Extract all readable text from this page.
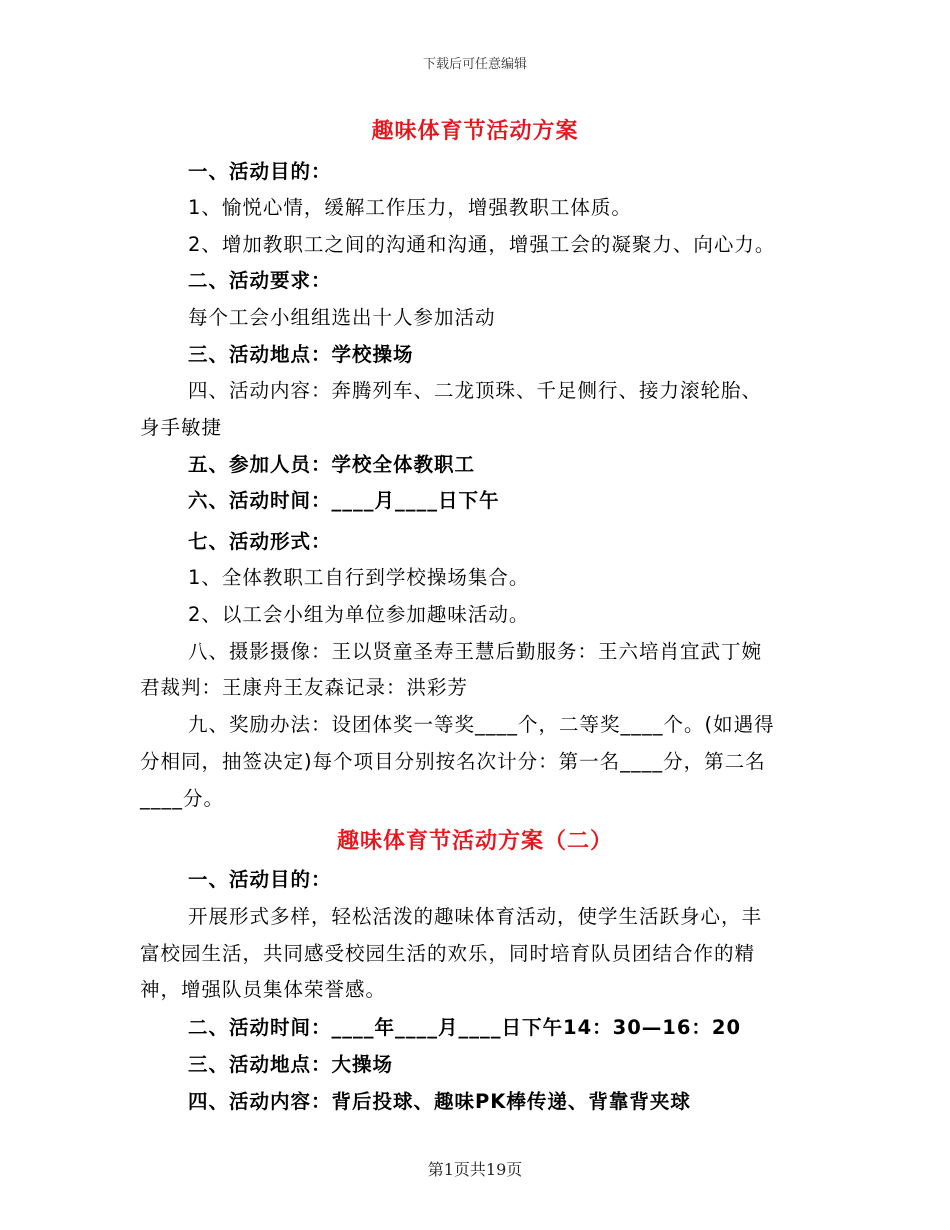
下载后可任意编辑
趣味体育节活动方案
一、活动目的：
1、愉悦心情，缓解工作压力，增强教职工体质。
2、增加教职工之间的沟通和沟通，增强工会的凝聚力、向心力。
二、活动要求：
每个工会小组组选出十人参加活动
三、活动地点：学校操场
四、活动内容：奔腾列车、二龙顶珠、千足侧行、接力滚轮胎、
身手敏捷
五、参加人员：学校全体教职工
六、活动时间：____月____日下午
七、活动形式：
1、全体教职工自行到学校操场集合。
2、以工会小组为单位参加趣味活动。
八、摄影摄像：王以贤童圣寿王慧后勤服务：王六培肖宜武丁婉
君裁判：王康舟王友森记录：洪彩芳
九、奖励办法：设团体奖一等奖____个，二等奖____个。(如遇得
分相同，抽签决定)每个项目分别按名次计分：第一名____分，第二名
____分。
趣味体育节活动方案（二）
一、活动目的：
开展形式多样，轻松活泼的趣味体育活动，使学生活跃身心，丰
富校园生活，共同感受校园生活的欢乐，同时培育队员团结合作的精
神，增强队员集体荣誉感。
二、活动时间：____年____月____日下午14：30—16：20
三、活动地点：大操场
四、活动内容：背后投球、趣味PK棒传递、背靠背夹球
第1页共19页
